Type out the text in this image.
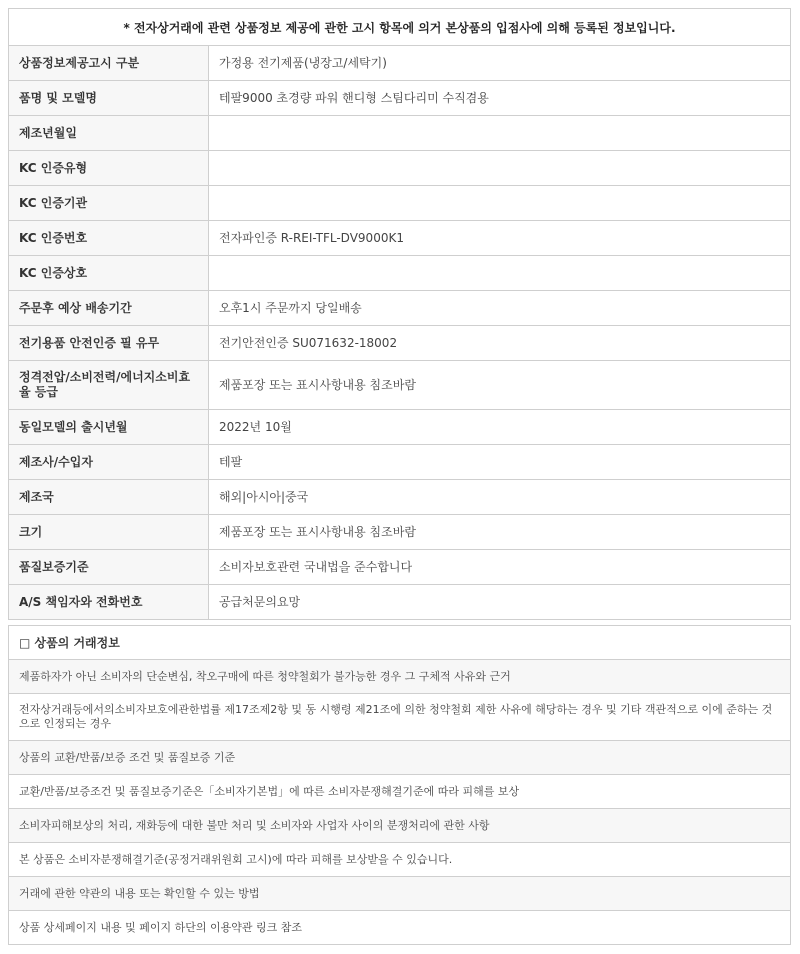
* 전자상거래에 관련 상품정보 제공에 관한 고시 항목에 의거 본상품의 입점사에 의해 등록된 정보입니다.
상품정보제공고시 구분	가정용 전기제품(냉장고/세탁기)
품명 및 모델명	테팔9000 초경량 파워 핸디형 스팀다리미 수직겸용
제조년월일	
KC 인증유형	
KC 인증기관	
KC 인증번호	전자파인증 R-REI-TFL-DV9000K1
KC 인증상호	
주문후 예상 배송기간	오후1시 주문까지 당일배송
전기용품 안전인증 필 유무	전기안전인증 SU071632-18002
정격전압/소비전력/에너지소비효율 등급	제품포장 또는 표시사항내용 침조바람
동일모델의 출시년월	2022년 10월
제조사/수입자	테팔
제조국	해외|아시아|중국
크기	제품포장 또는 표시사항내용 침조바람
품질보증기준	소비자보호관련 국내법을 준수합니다
A/S 책임자와 전화번호	공급처문의요망
□ 상품의 거래정보
제품하자가 아닌 소비자의 단순변심, 착오구매에 따른 청약철회가 불가능한 경우 그 구체적 사유와 근거
전자상거래등에서의소비자보호에관한법률 제17조제2항 및 동 시행령 제21조에 의한 청약철회 제한 사유에 해당하는 경우 및 기타 객관적으로 이에 준하는 것으로 인정되는 경우
상품의 교환/반품/보증 조건 및 품질보증 기준
교환/반품/보증조건 및 품질보증기준은「소비자기본법」에 따른 소비자분쟁해결기준에 따라 피해를 보상
소비자피해보상의 처리, 재화등에 대한 불만 처리 및 소비자와 사업자 사이의 분쟁처리에 관한 사항
본 상품은 소비자분쟁해결기준(공정거래위원회 고시)에 따라 피해를 보상받을 수 있습니다.
거래에 관한 약관의 내용 또는 확인할 수 있는 방법
상품 상세페이지 내용 및 페이지 하단의 이용약관 링크 참조
